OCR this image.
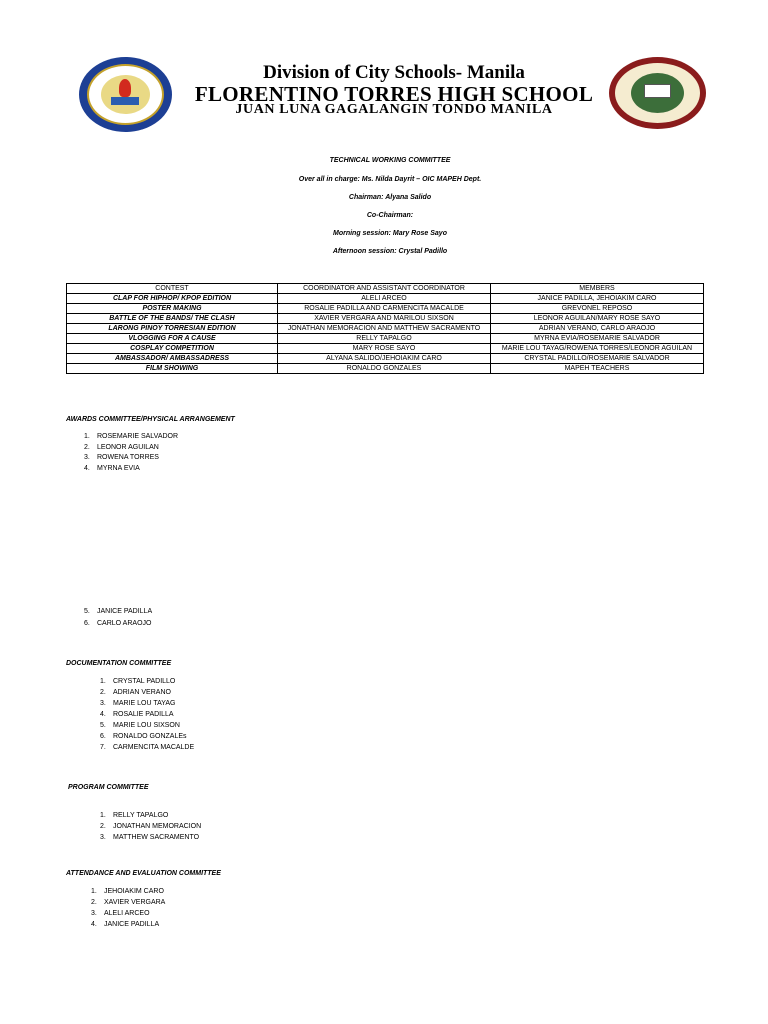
Division of City Schools- Manila
FLORENTINO TORRES HIGH SCHOOL
JUAN LUNA GAGALANGIN TONDO MANILA
TECHNICAL WORKING COMMITTEE
Over all in charge: Ms. Nilda Dayrit – OIC MAPEH Dept.
Chairman: Alyana Salido
Co-Chairman:
Morning session: Mary Rose Sayo
Afternoon session: Crystal Padillo
CONTEST	COORDINATOR AND ASSISTANT COORDINATOR	MEMBERS
CLAP FOR HIPHOP/ KPOP EDITION	ALELI ARCEO	JANICE PADILLA, JEHOIAKIM CARO
POSTER MAKING	ROSALIE PADILLA AND CARMENCITA MACALDE	GREVONEL REPOSO
BATTLE OF THE BANDS/ THE CLASH	XAVIER VERGARA AND MARILOU SIXSON	LEONOR AGUILAN/MARY ROSE SAYO
LARONG PINOY TORRESIAN EDITION	JONATHAN MEMORACION AND MATTHEW SACRAMENTO	ADRIAN VERANO, CARLO ARAOJO
VLOGGING FOR A CAUSE	RELLY TAPALGO	MYRNA EVIA/ROSEMARIE SALVADOR
COSPLAY COMPETITION	MARY ROSE SAYO	MARIE LOU TAYAG/ROWENA TORRES/LEONOR AGUILAN
AMBASSADOR/ AMBASSADRESS	ALYANA SALIDO/JEHOIAKIM CARO	CRYSTAL PADILLO/ROSEMARIE SALVADOR
FILM SHOWING	RONALDO GONZALES	MAPEH TEACHERS
AWARDS COMMITTEE/PHYSICAL ARRANGEMENT
1. ROSEMARIE SALVADOR
2. LEONOR AGUILAN
3. ROWENA TORRES
4. MYRNA EVIA
5. JANICE PADILLA
6. CARLO ARAOJO
DOCUMENTATION COMMITTEE
1. CRYSTAL PADILLO
2. ADRIAN VERANO
3. MARIE LOU TAYAG
4. ROSALIE PADILLA
5. MARIE LOU SIXSON
6. RONALDO GONZALEs
7. CARMENCITA MACALDE
PROGRAM COMMITTEE
1. RELLY TAPALGO
2. JONATHAN MEMORACION
3. MATTHEW SACRAMENTO
ATTENDANCE AND EVALUATION COMMITTEE
1. JEHOIAKIM CARO
2. XAVIER VERGARA
3. ALELI ARCEO
4. JANICE PADILLA
